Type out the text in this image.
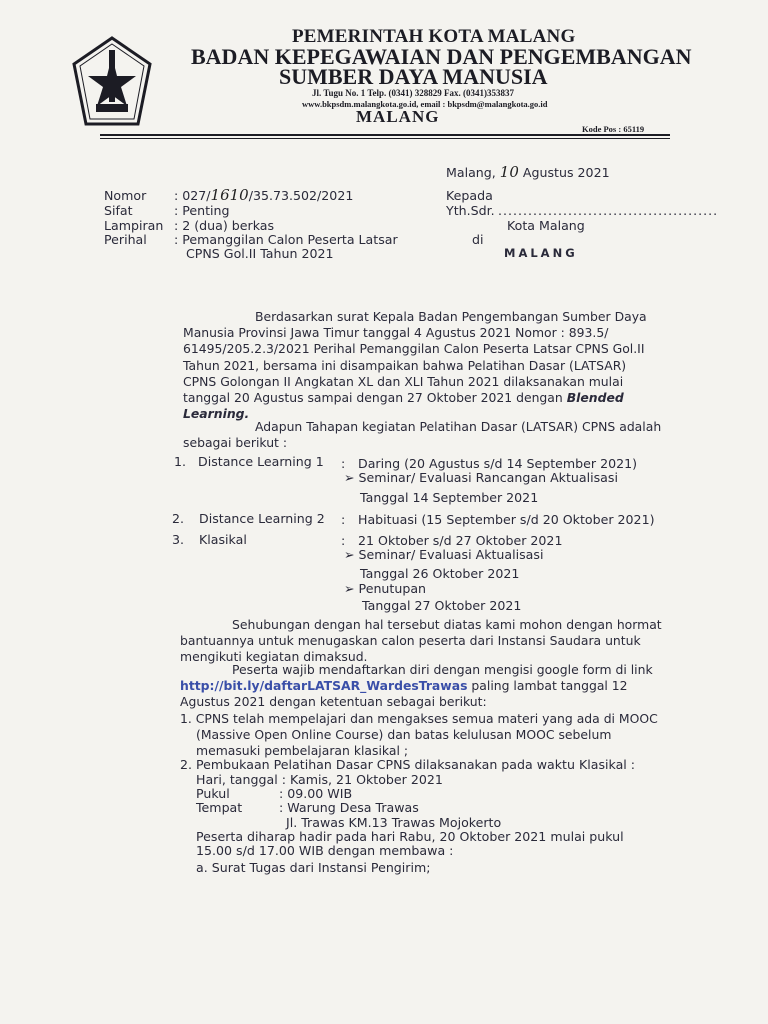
PEMERINTAH KOTA MALANG
BADAN KEPEGAWAIAN DAN PENGEMBANGAN
SUMBER DAYA MANUSIA
Jl. Tugu No. 1 Telp. (0341) 328829 Fax. (0341)353837
www.bkpsdm.malangkota.go.id, email : bkpsdm@malangkota.go.id
MALANG
Kode Pos : 65119
Malang, 10 Agustus 2021
Nomor : 027/1610/35.73.502/2021
Sifat	: Penting
Lampiran : 2 (dua) berkas
Perihal : Pemanggilan Calon Peserta Latsar
CPNS Gol.II Tahun 2021
Kepada
Yth.Sdr. ............................................
Kota Malang
di
MALANG
Berdasarkan surat Kepala Badan Pengembangan Sumber Daya
Manusia Provinsi Jawa Timur tanggal 4 Agustus 2021 Nomor : 893.5/
61495/205.2.3/2021 Perihal Pemanggilan Calon Peserta Latsar CPNS Gol.II
Tahun 2021, bersama ini disampaikan bahwa Pelatihan Dasar (LATSAR)
CPNS Golongan II Angkatan XL dan XLI Tahun 2021 dilaksanakan mulai
tanggal 20 Agustus sampai dengan 27 Oktober 2021 dengan Blended
Learning.
Adapun Tahapan kegiatan Pelatihan Dasar (LATSAR) CPNS adalah
sebagai berikut :
1. Distance Learning 1 : Daring (20 Agustus s/d 14 September 2021)
➢ Seminar/ Evaluasi Rancangan Aktualisasi
Tanggal 14 September 2021
2. Distance Learning 2 : Habituasi (15 September s/d 20 Oktober 2021)
3. Klasikal	: 21 Oktober s/d 27 Oktober 2021
➢ Seminar/ Evaluasi Aktualisasi
Tanggal 26 Oktober 2021
➢ Penutupan
Tanggal 27 Oktober 2021
Sehubungan dengan hal tersebut diatas kami mohon dengan hormat
bantuannya untuk menugaskan calon peserta dari Instansi Saudara untuk
mengikuti kegiatan dimaksud.
Peserta wajib mendaftarkan diri dengan mengisi google form di link
http://bit.ly/daftarLATSAR_WardesTrawas paling lambat tanggal 12
Agustus 2021 dengan ketentuan sebagai berikut:
1. CPNS telah mempelajari dan mengakses semua materi yang ada di MOOC
(Massive Open Online Course) dan batas kelulusan MOOC sebelum
memasuki pembelajaran klasikal ;
2. Pembukaan Pelatihan Dasar CPNS dilaksanakan pada waktu Klasikal :
Hari, tanggal : Kamis, 21 Oktober 2021
Pukul	: 09.00 WIB
Tempat	: Warung Desa Trawas
Jl. Trawas KM.13 Trawas Mojokerto
Peserta diharap hadir pada hari Rabu, 20 Oktober 2021 mulai pukul
15.00 s/d 17.00 WIB dengan membawa :
a. Surat Tugas dari Instansi Pengirim;
